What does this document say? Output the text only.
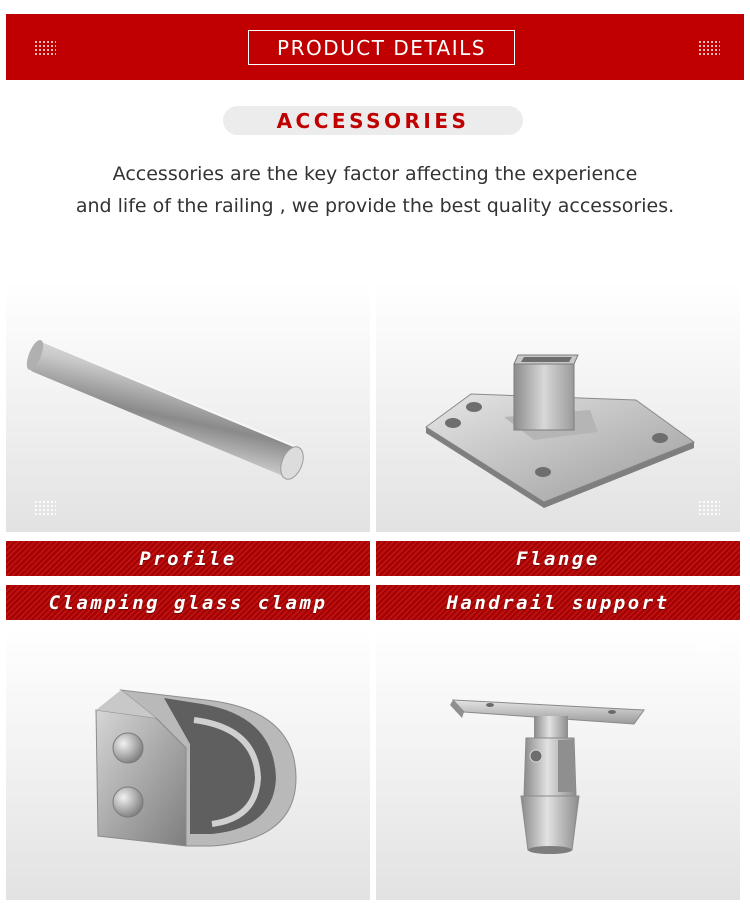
PRODUCT DETAILS
ACCESSORIES
Accessories are the key factor affecting the experience
and life of the railing , we provide the best quality accessories.
Profile	Flange
Clamping glass clamp	Handrail support
